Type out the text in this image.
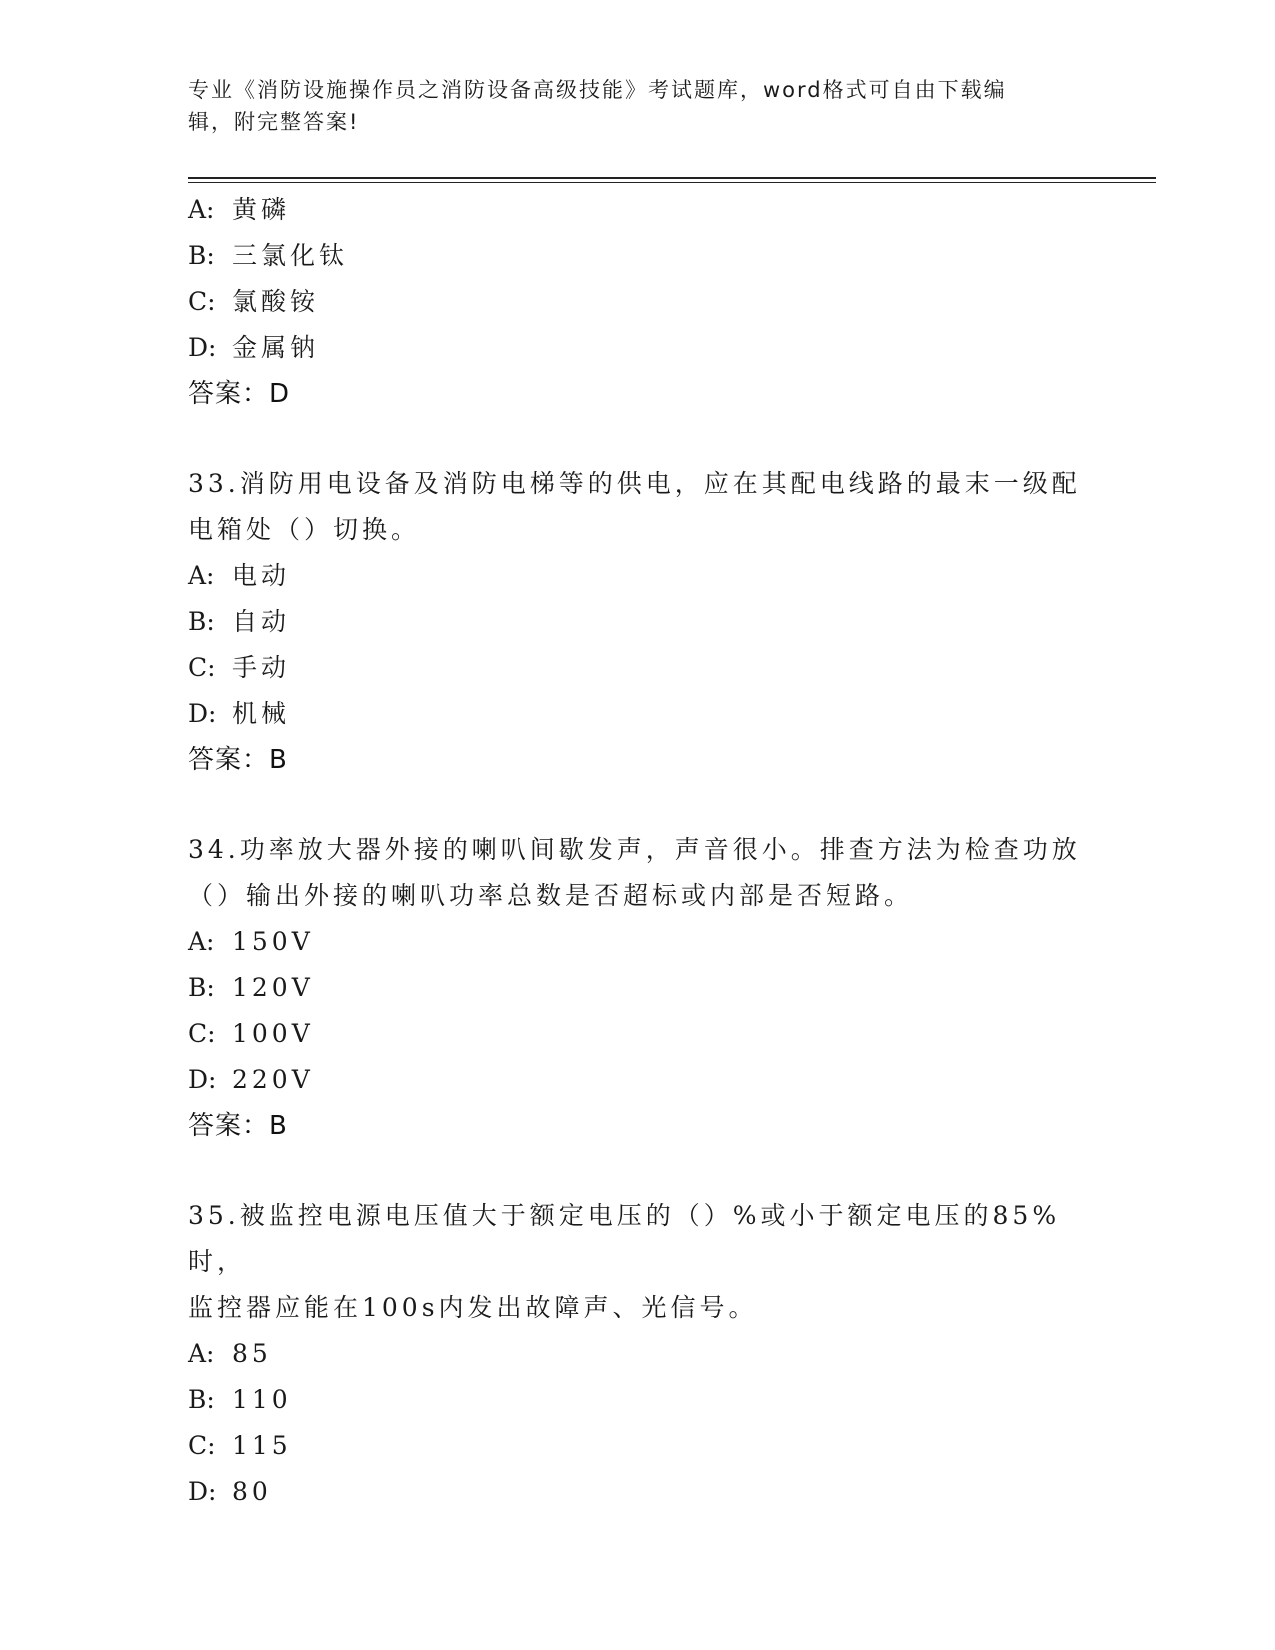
专业《消防设施操作员之消防设备高级技能》考试题库，word格式可自由下载编
辑，附完整答案!
A: 黄磷
B: 三氯化钛
C: 氯酸铵
D: 金属钠
答案：D
33.消防用电设备及消防电梯等的供电，应在其配电线路的最末一级配
电箱处（）切换。
A: 电动
B: 自动
C: 手动
D: 机械
答案：B
34.功率放大器外接的喇叭间歇发声，声音很小。排查方法为检查功放
（）输出外接的喇叭功率总数是否超标或内部是否短路。
A: 150V
B: 120V
C: 100V
D: 220V
答案：B
35.被监控电源电压值大于额定电压的（）%或小于额定电压的85%时，
监控器应能在100s内发出故障声、光信号。
A: 85
B: 110
C: 115
D: 80
